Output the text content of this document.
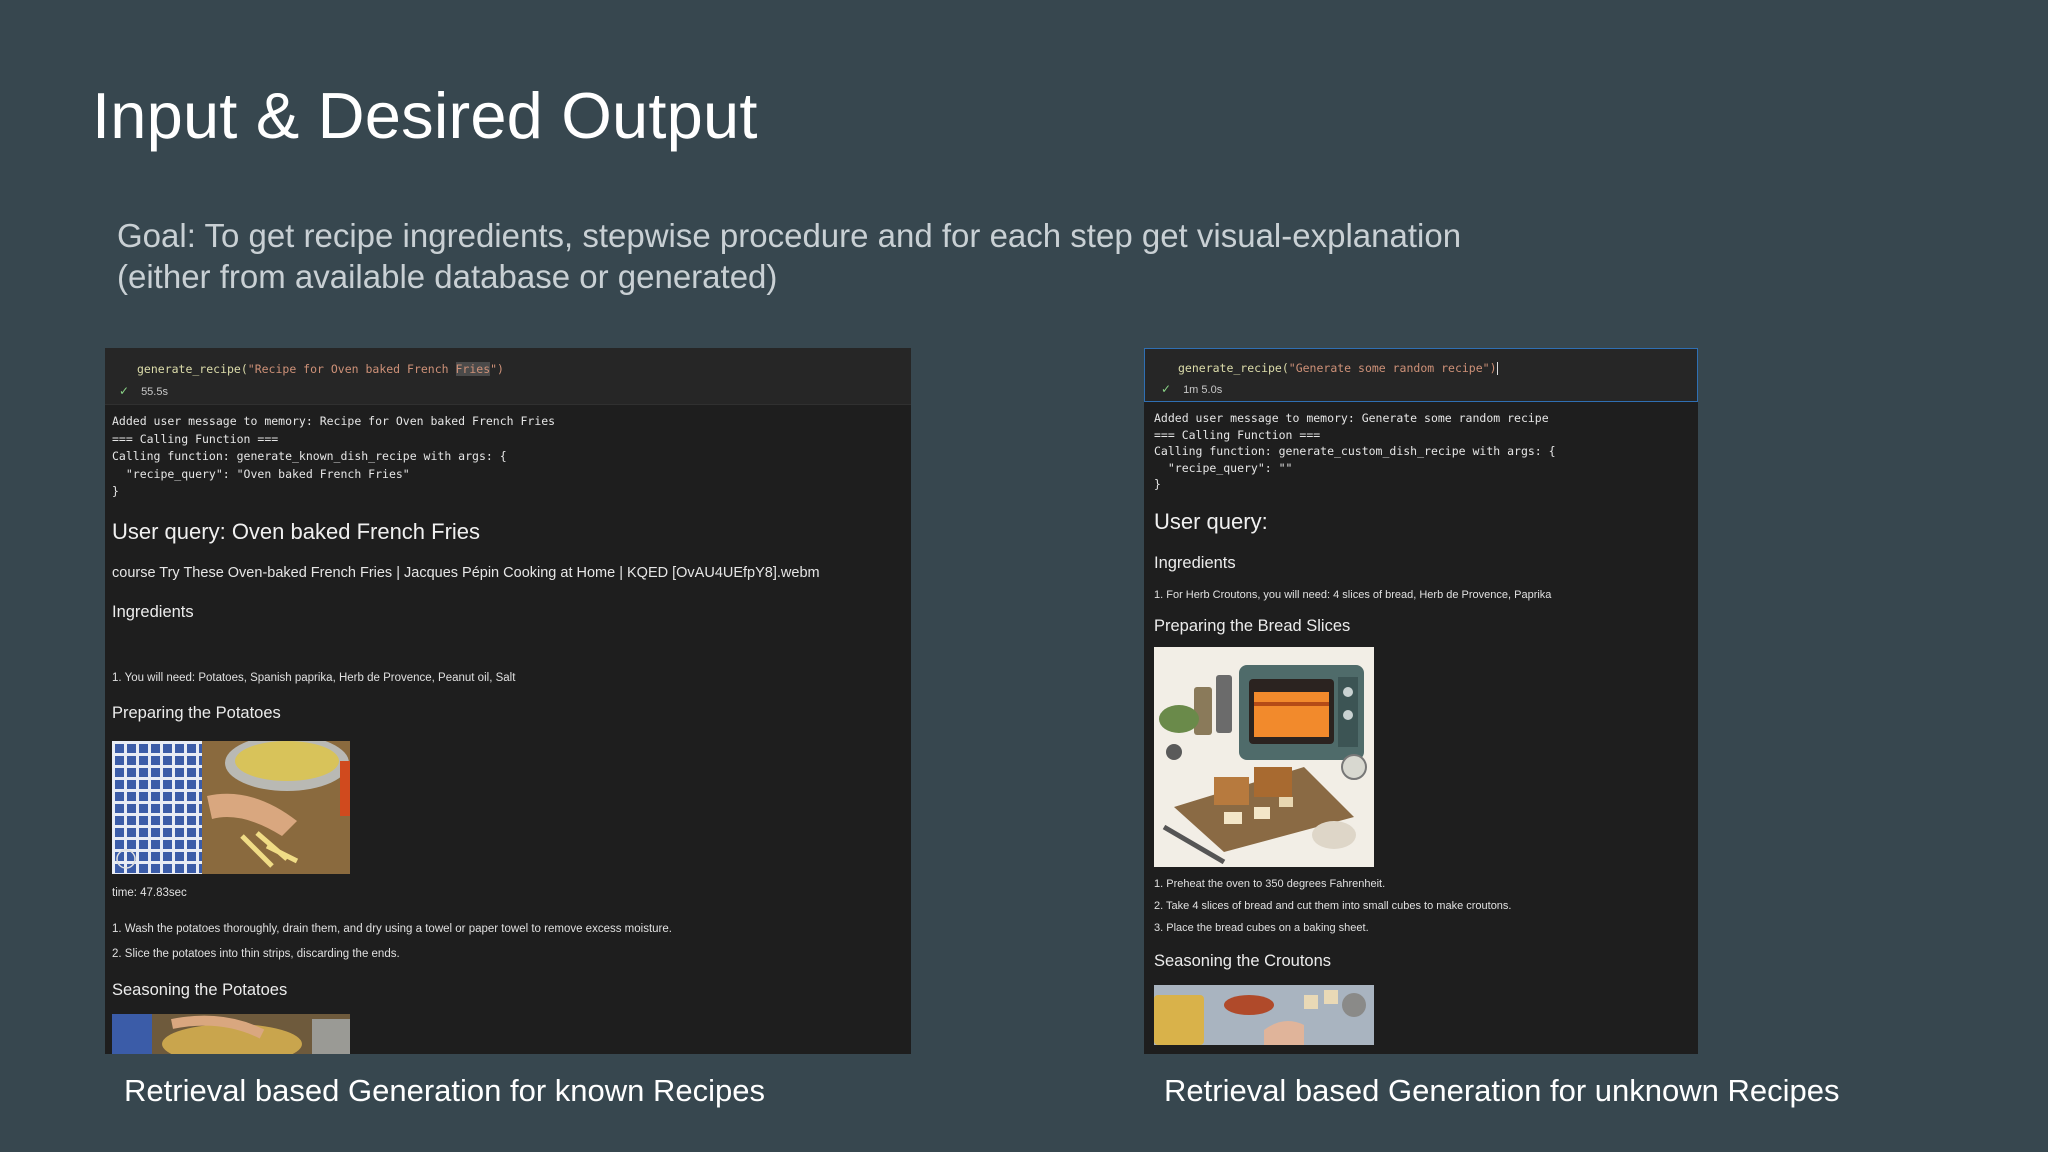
Input & Desired Output
Goal: To get recipe ingredients, stepwise procedure and for each step get visual-explanation
(either from available database or generated)
generate_recipe("Recipe for Oven baked French Fries")
✓ 55.5s
Added user message to memory: Recipe for Oven baked French Fries
=== Calling Function ===
Calling function: generate_known_dish_recipe with args: {
"recipe_query": "Oven baked French Fries"
}
User query: Oven baked French Fries
course Try These Oven-baked French Fries | Jacques Pépin Cooking at Home | KQED [OvAU4UEfpY8].webm
Ingredients
1. You will need: Potatoes, Spanish paprika, Herb de Provence, Peanut oil, Salt
Preparing the Potatoes
time: 47.83sec
1. Wash the potatoes thoroughly, drain them, and dry using a towel or paper towel to remove excess moisture.
2. Slice the potatoes into thin strips, discarding the ends.
Seasoning the Potatoes
generate_recipe("Generate some random recipe")
✓ 1m 5.0s
Added user message to memory: Generate some random recipe
=== Calling Function ===
Calling function: generate_custom_dish_recipe with args: {
"recipe_query": ""
}
User query:
Ingredients
1. For Herb Croutons, you will need: 4 slices of bread, Herb de Provence, Paprika
Preparing the Bread Slices
1. Preheat the oven to 350 degrees Fahrenheit.
2. Take 4 slices of bread and cut them into small cubes to make croutons.
3. Place the bread cubes on a baking sheet.
Seasoning the Croutons
Retrieval based Generation for known Recipes	Retrieval based Generation for unknown Recipes
